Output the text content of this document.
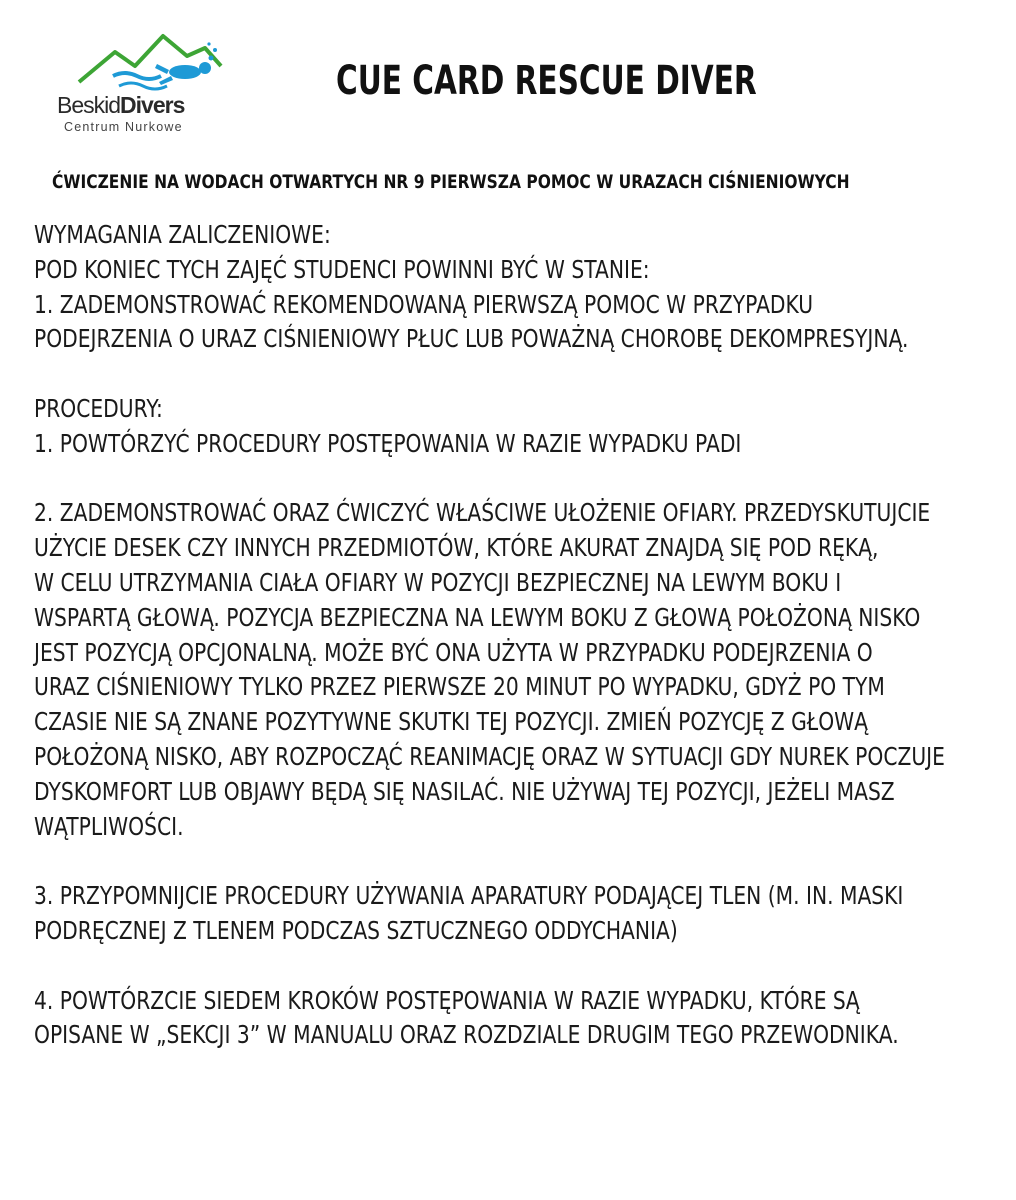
BeskidDivers
Centrum Nurkowe
CUE CARD RESCUE DIVER
ĆWICZENIE NA WODACH OTWARTYCH NR 9 PIERWSZA POMOC W URAZACH CIŚNIENIOWYCH
WYMAGANIA ZALICZENIOWE:
POD KONIEC TYCH ZAJĘĆ STUDENCI POWINNI BYĆ W STANIE:
1. ZADEMONSTROWAĆ REKOMENDOWANĄ PIERWSZĄ POMOC W PRZYPADKU
PODEJRZENIA O URAZ CIŚNIENIOWY PŁUC LUB POWAŻNĄ CHOROBĘ DEKOMPRESYJNĄ.
PROCEDURY:
1. POWTÓRZYĆ PROCEDURY POSTĘPOWANIA W RAZIE WYPADKU PADI
2. ZADEMONSTROWAĆ ORAZ ĆWICZYĆ WŁAŚCIWE UŁOŻENIE OFIARY. PRZEDYSKUTUJCIE
UŻYCIE DESEK CZY INNYCH PRZEDMIOTÓW, KTÓRE AKURAT ZNAJDĄ SIĘ POD RĘKĄ,
W CELU UTRZYMANIA CIAŁA OFIARY W POZYCJI BEZPIECZNEJ NA LEWYM BOKU I
WSPARTĄ GŁOWĄ. POZYCJA BEZPIECZNA NA LEWYM BOKU Z GŁOWĄ POŁOŻONĄ NISKO
JEST POZYCJĄ OPCJONALNĄ. MOŻE BYĆ ONA UŻYTA W PRZYPADKU PODEJRZENIA O
URAZ CIŚNIENIOWY TYLKO PRZEZ PIERWSZE 20 MINUT PO WYPADKU, GDYŻ PO TYM
CZASIE NIE SĄ ZNANE POZYTYWNE SKUTKI TEJ POZYCJI. ZMIEŃ POZYCJĘ Z GŁOWĄ
POŁOŻONĄ NISKO, ABY ROZPOCZĄĆ REANIMACJĘ ORAZ W SYTUACJI GDY NUREK POCZUJE
DYSKOMFORT LUB OBJAWY BĘDĄ SIĘ NASILAĆ. NIE UŻYWAJ TEJ POZYCJI, JEŻELI MASZ
WĄTPLIWOŚCI.
3. PRZYPOMNIJCIE PROCEDURY UŻYWANIA APARATURY PODAJĄCEJ TLEN (M. IN. MASKI
PODRĘCZNEJ Z TLENEM PODCZAS SZTUCZNEGO ODDYCHANIA)
4. POWTÓRZCIE SIEDEM KROKÓW POSTĘPOWANIA W RAZIE WYPADKU, KTÓRE SĄ
OPISANE W „SEKCJI 3” W MANUALU ORAZ ROZDZIALE DRUGIM TEGO PRZEWODNIKA.
